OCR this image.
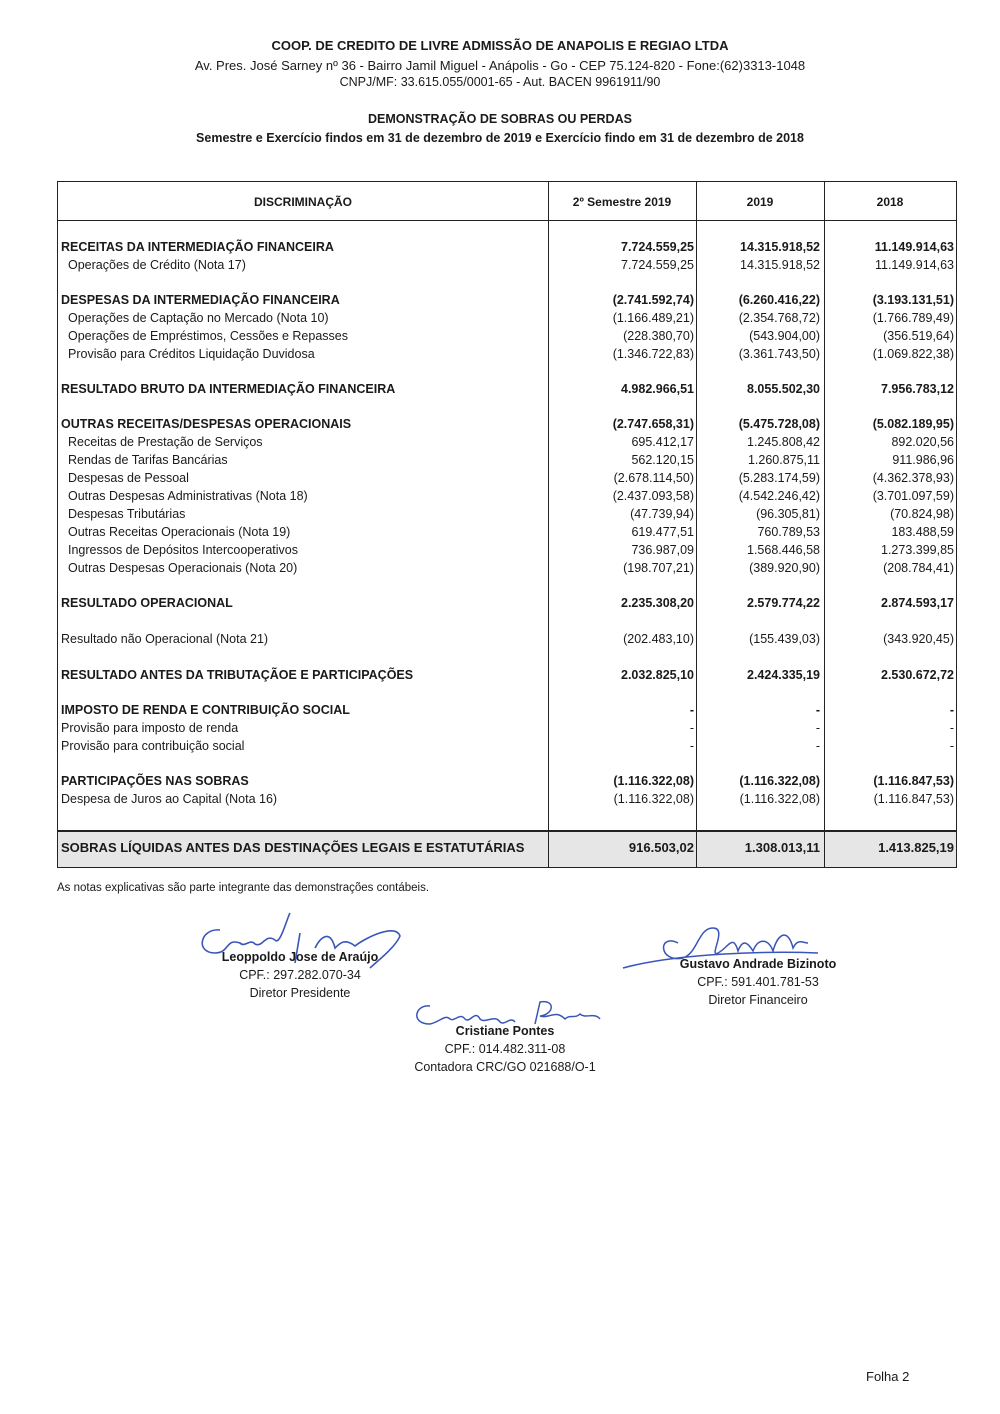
COOP. DE CREDITO DE LIVRE ADMISSÃO DE ANAPOLIS E REGIAO LTDA
Av. Pres. José Sarney nº 36 - Bairro Jamil Miguel - Anápolis - Go - CEP 75.124-820 - Fone:(62)3313-1048
CNPJ/MF: 33.615.055/0001-65 - Aut. BACEN 9961911/90
DEMONSTRAÇÃO DE SOBRAS OU PERDAS
Semestre e Exercício findos em 31 de dezembro de 2019 e Exercício findo em 31 de dezembro de 2018
DISCRIMINAÇÃO	2º Semestre 2019	2019	2018
RECEITAS DA INTERMEDIAÇÃO FINANCEIRA	7.724.559,25	14.315.918,52	11.149.914,63
Operações de Crédito (Nota 17)	7.724.559,25	14.315.918,52	11.149.914,63
DESPESAS DA INTERMEDIAÇÃO FINANCEIRA	(2.741.592,74)	(6.260.416,22)	(3.193.131,51)
Operações de Captação no Mercado (Nota 10)	(1.166.489,21)	(2.354.768,72)	(1.766.789,49)
Operações de Empréstimos, Cessões e Repasses	(228.380,70)	(543.904,00)	(356.519,64)
Provisão para Créditos Liquidação Duvidosa	(1.346.722,83)	(3.361.743,50)	(1.069.822,38)
RESULTADO BRUTO DA INTERMEDIAÇÃO FINANCEIRA	4.982.966,51	8.055.502,30	7.956.783,12
OUTRAS RECEITAS/DESPESAS OPERACIONAIS	(2.747.658,31)	(5.475.728,08)	(5.082.189,95)
Receitas de Prestação de Serviços	695.412,17	1.245.808,42	892.020,56
Rendas de Tarifas Bancárias	562.120,15	1.260.875,11	911.986,96
Despesas de Pessoal	(2.678.114,50)	(5.283.174,59)	(4.362.378,93)
Outras Despesas Administrativas (Nota 18)	(2.437.093,58)	(4.542.246,42)	(3.701.097,59)
Despesas Tributárias	(47.739,94)	(96.305,81)	(70.824,98)
Outras Receitas Operacionais (Nota 19)	619.477,51	760.789,53	183.488,59
Ingressos de Depósitos Intercooperativos	736.987,09	1.568.446,58	1.273.399,85
Outras Despesas Operacionais (Nota 20)	(198.707,21)	(389.920,90)	(208.784,41)
RESULTADO OPERACIONAL	2.235.308,20	2.579.774,22	2.874.593,17
Resultado não Operacional (Nota 21)	(202.483,10)	(155.439,03)	(343.920,45)
RESULTADO ANTES DA TRIBUTAÇÃOE E PARTICIPAÇÕES	2.032.825,10	2.424.335,19	2.530.672,72
IMPOSTO DE RENDA E CONTRIBUIÇÃO SOCIAL	-	-	-
Provisão para imposto de renda	-	-	-
Provisão para contribuição social	-	-	-
PARTICIPAÇÕES NAS SOBRAS	(1.116.322,08)	(1.116.322,08)	(1.116.847,53)
Despesa de Juros ao Capital (Nota 16)	(1.116.322,08)	(1.116.322,08)	(1.116.847,53)
SOBRAS LÍQUIDAS ANTES DAS DESTINAÇÕES LEGAIS E ESTATUTÁRIAS	916.503,02	1.308.013,11	1.413.825,19
As notas explicativas são parte integrante das demonstrações contábeis.
Leoppoldo Jose de Araújo
CPF.: 297.282.070-34
Diretor Presidente
Gustavo Andrade Bizinoto
CPF.: 591.401.781-53
Diretor Financeiro
Cristiane Pontes
CPF.: 014.482.311-08
Contadora CRC/GO 021688/O-1
Folha 2
